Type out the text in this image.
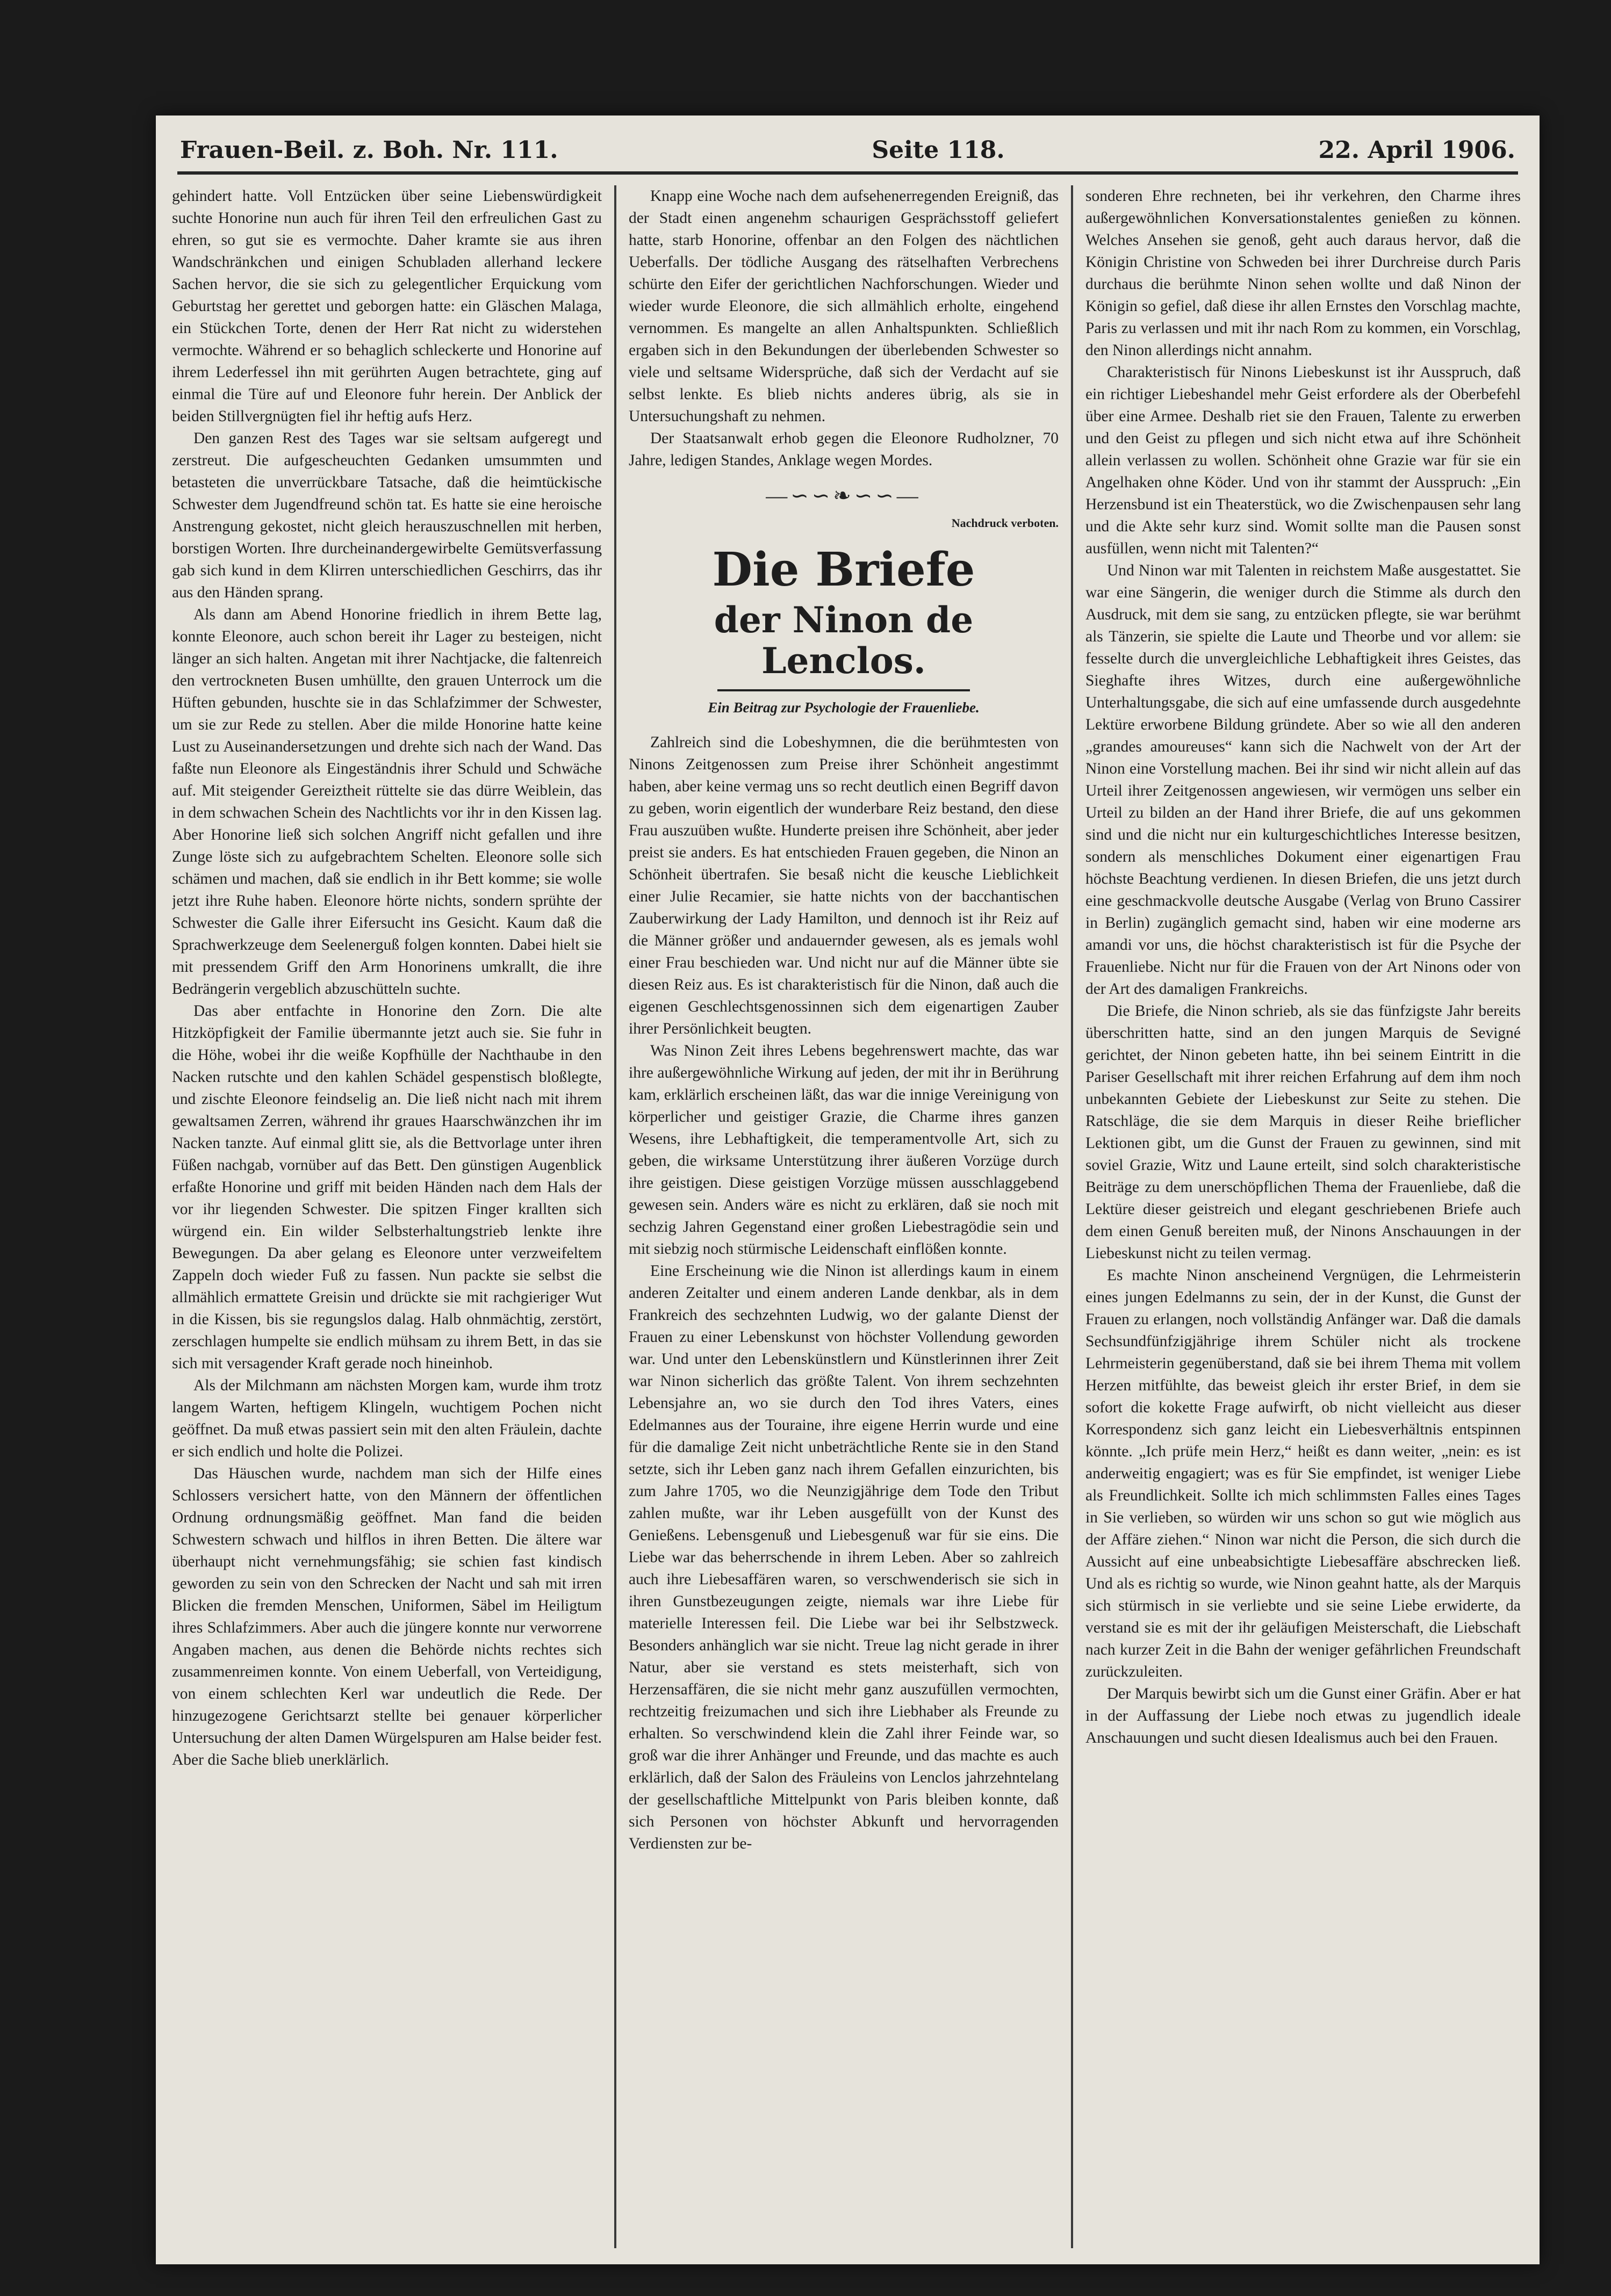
Frauen-Beil. z. Boh. Nr. 111.	Seite 118.	22. April 1906.

gehindert hatte. Voll Entzücken über seine Liebenswürdigkeit suchte Honorine nun auch für ihren Teil den erfreulichen Gast zu ehren, so gut sie es vermochte. Daher kramte sie aus ihren Wandschränkchen und einigen Schubladen allerhand leckere Sachen hervor, die sie sich zu gelegentlicher Erquickung vom Geburtstag her gerettet und geborgen hatte: ein Gläschen Malaga, ein Stückchen Torte, denen der Herr Rat nicht zu widerstehen vermochte. Während er so behaglich schleckerte und Honorine auf ihrem Lederfessel ihn mit gerührten Augen betrachtete, ging auf einmal die Türe auf und Eleonore fuhr herein. Der Anblick der beiden Stillvergnügten fiel ihr heftig aufs Herz.

Den ganzen Rest des Tages war sie seltsam aufgeregt und zerstreut. Die aufgescheuchten Gedanken umsummten und betasteten die unverrückbare Tatsache, daß die heimtückische Schwester dem Jugendfreund schön tat. Es hatte sie eine heroische Anstrengung gekostet, nicht gleich herauszuschnellen mit herben, borstigen Worten. Ihre durcheinandergewirbelte Gemütsverfassung gab sich kund in dem Klirren unterschiedlichen Geschirrs, das ihr aus den Händen sprang.

Als dann am Abend Honorine friedlich in ihrem Bette lag, konnte Eleonore, auch schon bereit ihr Lager zu besteigen, nicht länger an sich halten. Angetan mit ihrer Nachtjacke, die faltenreich den vertrockneten Busen umhüllte, den grauen Unterrock um die Hüften gebunden, huschte sie in das Schlafzimmer der Schwester, um sie zur Rede zu stellen. Aber die milde Honorine hatte keine Lust zu Auseinandersetzungen und drehte sich nach der Wand. Das faßte nun Eleonore als Eingeständnis ihrer Schuld und Schwäche auf. Mit steigender Gereiztheit rüttelte sie das dürre Weiblein, das in dem schwachen Schein des Nachtlichts vor ihr in den Kissen lag. Aber Honorine ließ sich solchen Angriff nicht gefallen und ihre Zunge löste sich zu aufgebrachtem Schelten. Eleonore solle sich schämen und machen, daß sie endlich in ihr Bett komme; sie wolle jetzt ihre Ruhe haben. Eleonore hörte nichts, sondern sprühte der Schwester die Galle ihrer Eifersucht ins Gesicht. Kaum daß die Sprachwerkzeuge dem Seelenerguß folgen konnten. Dabei hielt sie mit pressendem Griff den Arm Honorinens umkrallt, die ihre Bedrängerin vergeblich abzuschütteln suchte.

Das aber entfachte in Honorine den Zorn. Die alte Hitzköpfigkeit der Familie übermannte jetzt auch sie. Sie fuhr in die Höhe, wobei ihr die weiße Kopfhülle der Nachthaube in den Nacken rutschte und den kahlen Schädel gespenstisch bloßlegte, und zischte Eleonore feindselig an. Die ließ nicht nach mit ihrem gewaltsamen Zerren, während ihr graues Haarschwänzchen ihr im Nacken tanzte. Auf einmal glitt sie, als die Bettvorlage unter ihren Füßen nachgab, vornüber auf das Bett. Den günstigen Augenblick erfaßte Honorine und griff mit beiden Händen nach dem Hals der vor ihr liegenden Schwester. Die spitzen Finger krallten sich würgend ein. Ein wilder Selbsterhaltungstrieb lenkte ihre Bewegungen. Da aber gelang es Eleonore unter verzweifeltem Zappeln doch wieder Fuß zu fassen. Nun packte sie selbst die allmählich ermattete Greisin und drückte sie mit rachgieriger Wut in die Kissen, bis sie regungslos dalag. Halb ohnmächtig, zerstört, zerschlagen humpelte sie endlich mühsam zu ihrem Bett, in das sie sich mit versagender Kraft gerade noch hineinhob.

Als der Milchmann am nächsten Morgen kam, wurde ihm trotz langem Warten, heftigem Klingeln, wuchtigem Pochen nicht geöffnet. Da muß etwas passiert sein mit den alten Fräulein, dachte er sich endlich und holte die Polizei.

Das Häuschen wurde, nachdem man sich der Hilfe eines Schlossers versichert hatte, von den Männern der öffentlichen Ordnung ordnungsmäßig geöffnet. Man fand die beiden Schwestern schwach und hilflos in ihren Betten. Die ältere war überhaupt nicht vernehmungsfähig; sie schien fast kindisch geworden zu sein von den Schrecken der Nacht und sah mit irren Blicken die fremden Menschen, Uniformen, Säbel im Heiligtum ihres Schlafzimmers. Aber auch die jüngere konnte nur verworrene Angaben machen, aus denen die Behörde nichts rechtes sich zusammenreimen konnte. Von einem Ueberfall, von Verteidigung, von einem schlechten Kerl war undeutlich die Rede. Der hinzugezogene Gerichtsarzt stellte bei genauer körperlicher Untersuchung der alten Damen Würgelspuren am Halse beider fest. Aber die Sache blieb unerklärlich.

Knapp eine Woche nach dem aufsehenerregenden Ereigniß, das der Stadt einen angenehm schaurigen Gesprächsstoff geliefert hatte, starb Honorine, offenbar an den Folgen des nächtlichen Ueberfalls. Der tödliche Ausgang des rätselhaften Verbrechens schürte den Eifer der gerichtlichen Nachforschungen. Wieder und wieder wurde Eleonore, die sich allmählich erholte, eingehend vernommen. Es mangelte an allen Anhaltspunkten. Schließlich ergaben sich in den Bekundungen der überlebenden Schwester so viele und seltsame Widersprüche, daß sich der Verdacht auf sie selbst lenkte. Es blieb nichts anderes übrig, als sie in Untersuchungshaft zu nehmen.

Der Staatsanwalt erhob gegen die Eleonore Rudholzner, 70 Jahre, ledigen Standes, Anklage wegen Mordes.

—∽∽❧∽∽—
Nachdruck verboten.
Die Briefe
der Ninon de Lenclos.
Ein Beitrag zur Psychologie der Frauenliebe.

Zahlreich sind die Lobeshymnen, die die berühmtesten von Ninons Zeitgenossen zum Preise ihrer Schönheit angestimmt haben, aber keine vermag uns so recht deutlich einen Begriff davon zu geben, worin eigentlich der wunderbare Reiz bestand, den diese Frau auszuüben wußte. Hunderte preisen ihre Schönheit, aber jeder preist sie anders. Es hat entschieden Frauen gegeben, die Ninon an Schönheit übertrafen. Sie besaß nicht die keusche Lieblichkeit einer Julie Recamier, sie hatte nichts von der bacchantischen Zauberwirkung der Lady Hamilton, und dennoch ist ihr Reiz auf die Männer größer und andauernder gewesen, als es jemals wohl einer Frau beschieden war. Und nicht nur auf die Männer übte sie diesen Reiz aus. Es ist charakteristisch für die Ninon, daß auch die eigenen Geschlechtsgenossinnen sich dem eigenartigen Zauber ihrer Persönlichkeit beugten.

Was Ninon Zeit ihres Lebens begehrenswert machte, das war ihre außergewöhnliche Wirkung auf jeden, der mit ihr in Berührung kam, erklärlich erscheinen läßt, das war die innige Vereinigung von körperlicher und geistiger Grazie, die Charme ihres ganzen Wesens, ihre Lebhaftigkeit, die temperamentvolle Art, sich zu geben, die wirksame Unterstützung ihrer äußeren Vorzüge durch ihre geistigen. Diese geistigen Vorzüge müssen ausschlaggebend gewesen sein. Anders wäre es nicht zu erklären, daß sie noch mit sechzig Jahren Gegenstand einer großen Liebestragödie sein und mit siebzig noch stürmische Leidenschaft einflößen konnte.

Eine Erscheinung wie die Ninon ist allerdings kaum in einem anderen Zeitalter und einem anderen Lande denkbar, als in dem Frankreich des sechzehnten Ludwig, wo der galante Dienst der Frauen zu einer Lebenskunst von höchster Vollendung geworden war. Und unter den Lebenskünstlern und Künstlerinnen ihrer Zeit war Ninon sicherlich das größte Talent. Von ihrem sechzehnten Lebensjahre an, wo sie durch den Tod ihres Vaters, eines Edelmannes aus der Touraine, ihre eigene Herrin wurde und eine für die damalige Zeit nicht unbeträchtliche Rente sie in den Stand setzte, sich ihr Leben ganz nach ihrem Gefallen einzurichten, bis zum Jahre 1705, wo die Neunzigjährige dem Tode den Tribut zahlen mußte, war ihr Leben ausgefüllt von der Kunst des Genießens. Lebensgenuß und Liebesgenuß war für sie eins. Die Liebe war das beherrschende in ihrem Leben. Aber so zahlreich auch ihre Liebesaffären waren, so verschwenderisch sie sich in ihren Gunstbezeugungen zeigte, niemals war ihre Liebe für materielle Interessen feil. Die Liebe war bei ihr Selbstzweck. Besonders anhänglich war sie nicht. Treue lag nicht gerade in ihrer Natur, aber sie verstand es stets meisterhaft, sich von Herzensaffären, die sie nicht mehr ganz auszufüllen vermochten, rechtzeitig freizumachen und sich ihre Liebhaber als Freunde zu erhalten. So verschwindend klein die Zahl ihrer Feinde war, so groß war die ihrer Anhänger und Freunde, und das machte es auch erklärlich, daß der Salon des Fräuleins von Lenclos jahrzehntelang der gesellschaftliche Mittelpunkt von Paris bleiben konnte, daß sich Personen von höchster Abkunft und hervorragenden Verdiensten zur be-

sonderen Ehre rechneten, bei ihr verkehren, den Charme ihres außergewöhnlichen Konversationstalentes genießen zu können. Welches Ansehen sie genoß, geht auch daraus hervor, daß die Königin Christine von Schweden bei ihrer Durchreise durch Paris durchaus die berühmte Ninon sehen wollte und daß Ninon der Königin so gefiel, daß diese ihr allen Ernstes den Vorschlag machte, Paris zu verlassen und mit ihr nach Rom zu kommen, ein Vorschlag, den Ninon allerdings nicht annahm.

Charakteristisch für Ninons Liebeskunst ist ihr Ausspruch, daß ein richtiger Liebeshandel mehr Geist erfordere als der Oberbefehl über eine Armee. Deshalb riet sie den Frauen, Talente zu erwerben und den Geist zu pflegen und sich nicht etwa auf ihre Schönheit allein verlassen zu wollen. Schönheit ohne Grazie war für sie ein Angelhaken ohne Köder. Und von ihr stammt der Ausspruch: „Ein Herzensbund ist ein Theaterstück, wo die Zwischenpausen sehr lang und die Akte sehr kurz sind. Womit sollte man die Pausen sonst ausfüllen, wenn nicht mit Talenten?“

Und Ninon war mit Talenten in reichstem Maße ausgestattet. Sie war eine Sängerin, die weniger durch die Stimme als durch den Ausdruck, mit dem sie sang, zu entzücken pflegte, sie war berühmt als Tänzerin, sie spielte die Laute und Theorbe und vor allem: sie fesselte durch die unvergleichliche Lebhaftigkeit ihres Geistes, das Sieghafte ihres Witzes, durch eine außergewöhnliche Unterhaltungsgabe, die sich auf eine umfassende durch ausgedehnte Lektüre erworbene Bildung gründete. Aber so wie all den anderen „grandes amoureuses“ kann sich die Nachwelt von der Art der Ninon eine Vorstellung machen. Bei ihr sind wir nicht allein auf das Urteil ihrer Zeitgenossen angewiesen, wir vermögen uns selber ein Urteil zu bilden an der Hand ihrer Briefe, die auf uns gekommen sind und die nicht nur ein kulturgeschichtliches Interesse besitzen, sondern als menschliches Dokument einer eigenartigen Frau höchste Beachtung verdienen. In diesen Briefen, die uns jetzt durch eine geschmackvolle deutsche Ausgabe (Verlag von Bruno Cassirer in Berlin) zugänglich gemacht sind, haben wir eine moderne ars amandi vor uns, die höchst charakteristisch ist für die Psyche der Frauenliebe. Nicht nur für die Frauen von der Art Ninons oder von der Art des damaligen Frankreichs.

Die Briefe, die Ninon schrieb, als sie das fünfzigste Jahr bereits überschritten hatte, sind an den jungen Marquis de Sevigné gerichtet, der Ninon gebeten hatte, ihn bei seinem Eintritt in die Pariser Gesellschaft mit ihrer reichen Erfahrung auf dem ihm noch unbekannten Gebiete der Liebeskunst zur Seite zu stehen. Die Ratschläge, die sie dem Marquis in dieser Reihe brieflicher Lektionen gibt, um die Gunst der Frauen zu gewinnen, sind mit soviel Grazie, Witz und Laune erteilt, sind solch charakteristische Beiträge zu dem unerschöpflichen Thema der Frauenliebe, daß die Lektüre dieser geistreich und elegant geschriebenen Briefe auch dem einen Genuß bereiten muß, der Ninons Anschauungen in der Liebeskunst nicht zu teilen vermag.

Es machte Ninon anscheinend Vergnügen, die Lehrmeisterin eines jungen Edelmanns zu sein, der in der Kunst, die Gunst der Frauen zu erlangen, noch vollständig Anfänger war. Daß die damals Sechsundfünfzigjährige ihrem Schüler nicht als trockene Lehrmeisterin gegenüberstand, daß sie bei ihrem Thema mit vollem Herzen mitfühlte, das beweist gleich ihr erster Brief, in dem sie sofort die kokette Frage aufwirft, ob nicht vielleicht aus dieser Korrespondenz sich ganz leicht ein Liebesverhältnis entspinnen könnte. „Ich prüfe mein Herz,“ heißt es dann weiter, „nein: es ist anderweitig engagiert; was es für Sie empfindet, ist weniger Liebe als Freundlichkeit. Sollte ich mich schlimmsten Falles eines Tages in Sie verlieben, so würden wir uns schon so gut wie möglich aus der Affäre ziehen.“ Ninon war nicht die Person, die sich durch die Aussicht auf eine unbeabsichtigte Liebesaffäre abschrecken ließ. Und als es richtig so wurde, wie Ninon geahnt hatte, als der Marquis sich stürmisch in sie verliebte und sie seine Liebe erwiderte, da verstand sie es mit der ihr geläufigen Meisterschaft, die Liebschaft nach kurzer Zeit in die Bahn der weniger gefährlichen Freundschaft zurückzuleiten.

Der Marquis bewirbt sich um die Gunst einer Gräfin. Aber er hat in der Auffassung der Liebe noch etwas zu jugendlich ideale Anschauungen und sucht diesen Idealismus auch bei den Frauen.
